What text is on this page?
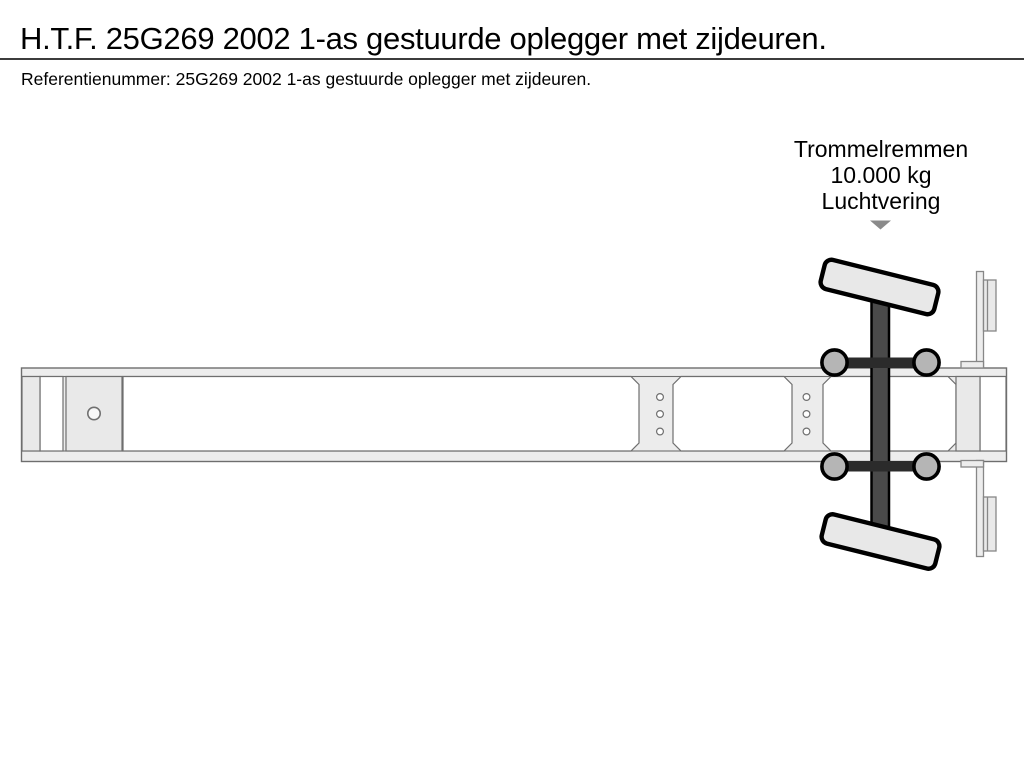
H.T.F. 25G269 2002 1-as gestuurde oplegger met zijdeuren.
Referentienummer: 25G269 2002 1-as gestuurde oplegger met zijdeuren.
Trommelremmen
10.000 kg
Luchtvering
